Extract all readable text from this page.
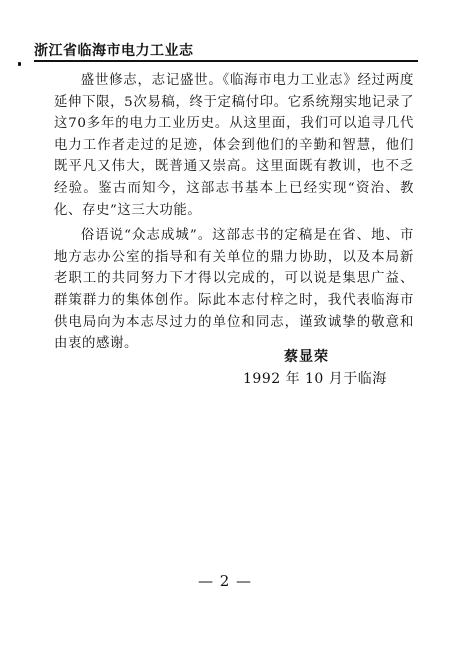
浙江省临海市电力工业志

盛世修志，志记盛世。《临海市电力工业志》经过两度延伸下限，5次易稿，终于定稿付印。它系统翔实地记录了这70多年的电力工业历史。从这里面，我们可以追寻几代电力工作者走过的足迹，体会到他们的辛勤和智慧，他们既平凡又伟大，既普通又崇高。这里面既有教训，也不乏经验。鉴古而知今，这部志书基本上已经实现“资治、教化、存史”这三大功能。

俗语说“众志成城”。这部志书的定稿是在省、地、市地方志办公室的指导和有关单位的鼎力协助，以及本局新老职工的共同努力下才得以完成的，可以说是集思广益、群策群力的集体创作。际此本志付梓之时，我代表临海市供电局向为本志尽过力的单位和同志，谨致诚挚的敬意和由衷的感谢。

蔡显荣
1992 年 10 月于临海
— 2 —
